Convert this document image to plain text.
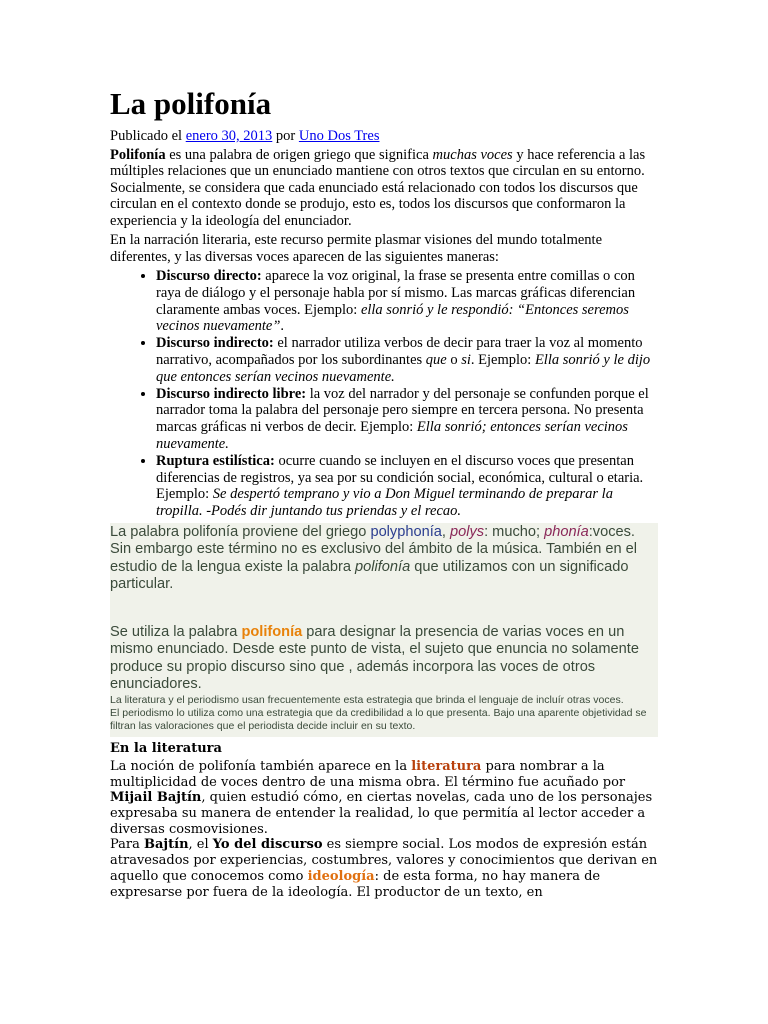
La polifonía
Publicado el enero 30, 2013 por Uno Dos Tres

Polifonía es una palabra de origen griego que significa muchas voces y hace referencia a las múltiples relaciones que un enunciado mantiene con otros textos que circulan en su entorno. Socialmente, se considera que cada enunciado está relacionado con todos los discursos que circulan en el contexto donde se produjo, esto es, todos los discursos que conformaron la experiencia y la ideología del enunciador.

En la narración literaria, este recurso permite plasmar visiones del mundo totalmente diferentes, y las diversas voces aparecen de las siguientes maneras:

• Discurso directo: aparece la voz original, la frase se presenta entre comillas o con raya de diálogo y el personaje habla por sí mismo. Las marcas gráficas diferencian claramente ambas voces. Ejemplo: ella sonrió y le respondió: “Entonces seremos vecinos nuevamente”.
• Discurso indirecto: el narrador utiliza verbos de decir para traer la voz al momento narrativo, acompañados por los subordinantes que o si. Ejemplo: Ella sonrió y le dijo que entonces serían vecinos nuevamente.
• Discurso indirecto libre: la voz del narrador y del personaje se confunden porque el narrador toma la palabra del personaje pero siempre en tercera persona. No presenta marcas gráficas ni verbos de decir. Ejemplo: Ella sonrió; entonces serían vecinos nuevamente.
• Ruptura estilística: ocurre cuando se incluyen en el discurso voces que presentan diferencias de registros, ya sea por su condición social, económica, cultural o etaria. Ejemplo: Se despertó temprano y vio a Don Miguel terminando de preparar la tropilla. -Podés dir juntando tus priendas y el recao.

La palabra polifonía proviene del griego polyphonía, polys: mucho; phonía:voces.

Sin embargo este término no es exclusivo del ámbito de la música. También en el estudio de la lengua existe la palabra polifonía que utilizamos con un significado particular.

Se utiliza la palabra polifonía para designar la presencia de varias voces en un mismo enunciado. Desde este punto de vista, el sujeto que enuncia no solamente produce su propio discurso sino que , además incorpora las voces de otros enunciadores.

La literatura y el periodismo usan frecuentemente esta estrategia que brinda el lenguaje de incluír otras voces.

El periodismo lo utiliza como una estrategia que da credibilidad a lo que presenta. Bajo una aparente objetividad se filtran las valoraciones que el periodista decide incluir en su texto.

En la literatura

La noción de polifonía también aparece en la literatura para nombrar a la multiplicidad de voces dentro de una misma obra. El término fue acuñado por Mijail Bajtín, quien estudió cómo, en ciertas novelas, cada uno de los personajes expresaba su manera de entender la realidad, lo que permitía al lector acceder a diversas cosmovisiones.

Para Bajtín, el Yo del discurso es siempre social. Los modos de expresión están atravesados por experiencias, costumbres, valores y conocimientos que derivan en aquello que conocemos como ideología: de esta forma, no hay manera de expresarse por fuera de la ideología. El productor de un texto, en
